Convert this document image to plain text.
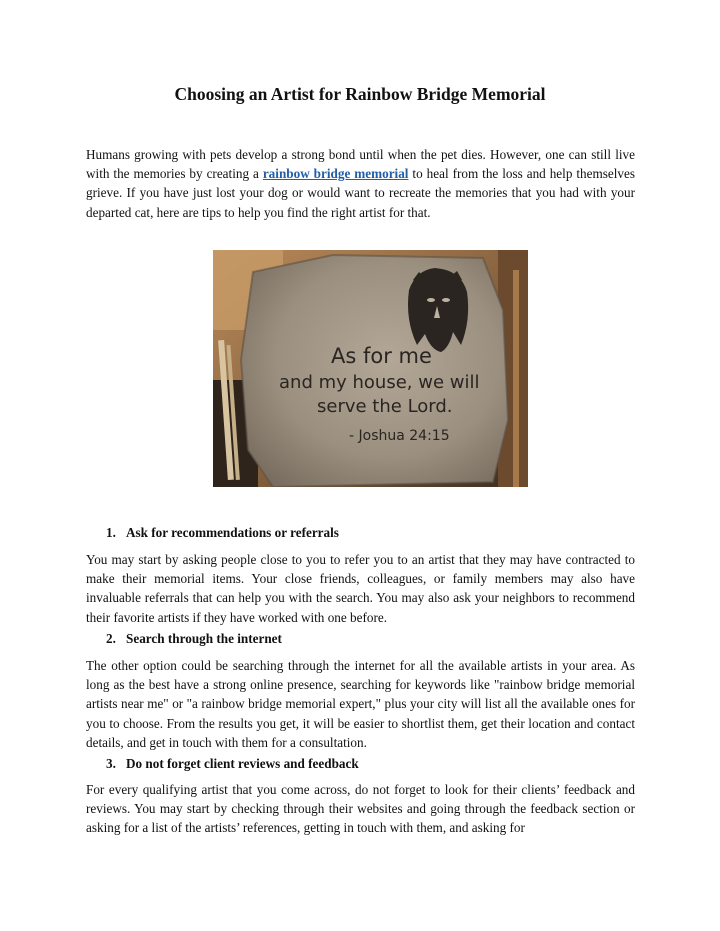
Choosing an Artist for Rainbow Bridge Memorial

Humans growing with pets develop a strong bond until when the pet dies. However, one can still live with the memories by creating a rainbow bridge memorial to heal from the loss and help themselves grieve. If you have just lost your dog or would want to recreate the memories that you had with your departed cat, here are tips to help you find the right artist for that.

As for me
and my house, we will
serve the Lord.
- Joshua 24:15

1. Ask for recommendations or referrals

You may start by asking people close to you to refer you to an artist that they may have contracted to make their memorial items. Your close friends, colleagues, or family members may also have invaluable referrals that can help you with the search. You may also ask your neighbors to recommend their favorite artists if they have worked with one before.

2. Search through the internet

The other option could be searching through the internet for all the available artists in your area. As long as the best have a strong online presence, searching for keywords like "rainbow bridge memorial artists near me" or "a rainbow bridge memorial expert," plus your city will list all the available ones for you to choose. From the results you get, it will be easier to shortlist them, get their location and contact details, and get in touch with them for a consultation.

3. Do not forget client reviews and feedback

For every qualifying artist that you come across, do not forget to look for their clients’ feedback and reviews. You may start by checking through their websites and going through the feedback section or asking for a list of the artists’ references, getting in touch with them, and asking for
